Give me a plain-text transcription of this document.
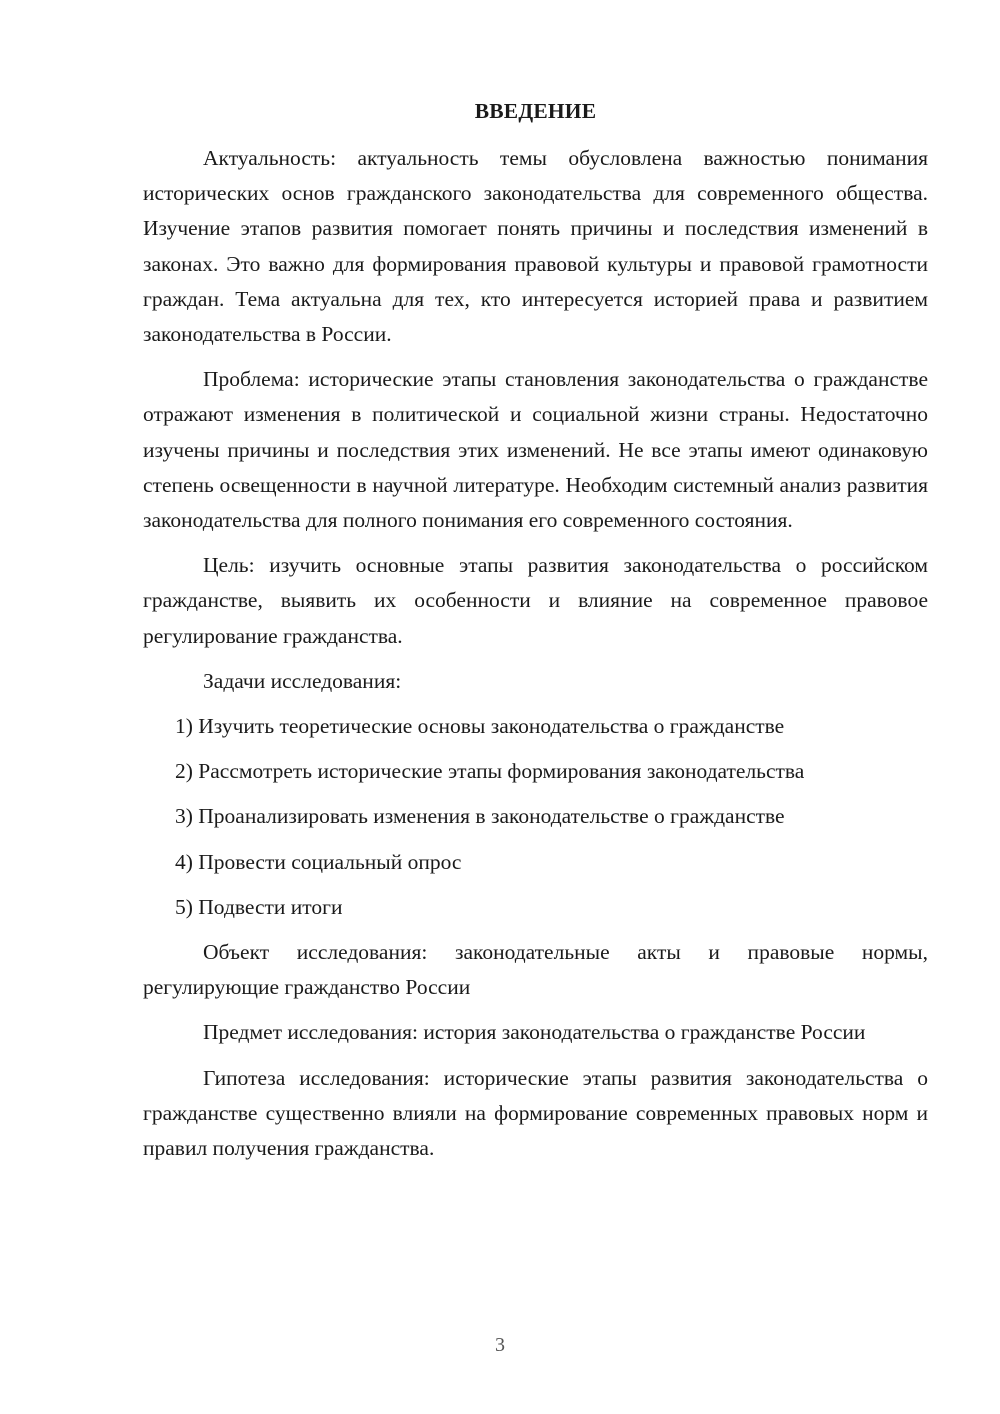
ВВЕДЕНИЕ

Актуальность: актуальность темы обусловлена важностью понимания исторических основ гражданского законодательства для современного общества. Изучение этапов развития помогает понять причины и последствия изменений в законах. Это важно для формирования правовой культуры и правовой грамотности граждан. Тема актуальна для тех, кто интересуется историей права и развитием законодательства в России.

Проблема: исторические этапы становления законодательства о гражданстве отражают изменения в политической и социальной жизни страны. Недостаточно изучены причины и последствия этих изменений. Не все этапы имеют одинаковую степень освещенности в научной литературе. Необходим системный анализ развития законодательства для полного понимания его современного состояния.

Цель: изучить основные этапы развития законодательства о российском гражданстве, выявить их особенности и влияние на современное правовое регулирование гражданства.

Задачи исследования:

1) Изучить теоретические основы законодательства о гражданстве

2) Рассмотреть исторические этапы формирования законодательства

3) Проанализировать изменения в законодательстве о гражданстве

4) Провести социальный опрос

5) Подвести итоги

Объект исследования: законодательные акты и правовые нормы, регулирующие гражданство России

Предмет исследования: история законодательства о гражданстве России

Гипотеза исследования: исторические этапы развития законодательства о гражданстве существенно влияли на формирование современных правовых норм и правил получения гражданства.

3
